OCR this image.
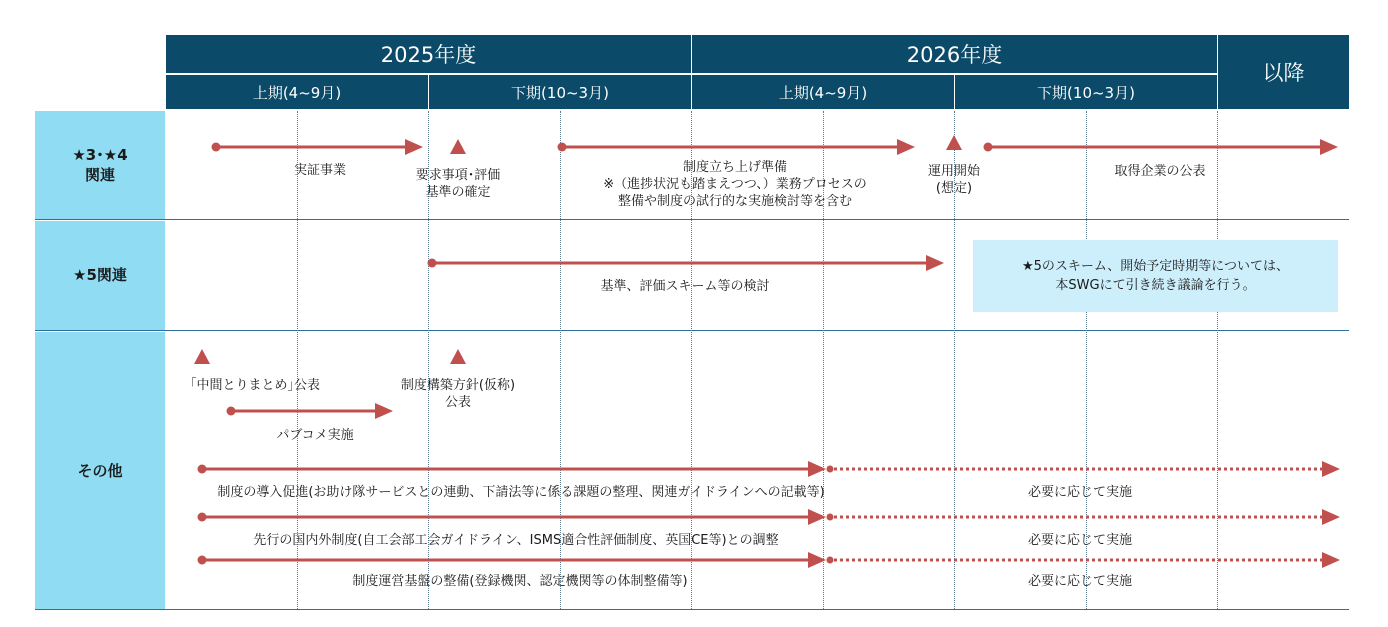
2025年度	2026年度
以降
上期(4~9月)	下期(10~3月)	上期(4~9月)	下期(10~3月)
★3･★4
関連
★5関連
その他
実証事業	要求事項･評価
基準の確定
制度立ち上げ準備
※（進捗状況も踏まえつつ、）業務プロセスの
整備や制度の試行的な実施検討等を含む
運用開始
(想定)
取得企業の公表
基準、評価スキーム等の検討
★5のスキーム、開始予定時期等については、
本SWGにて引き続き議論を行う。
｢中間とりまとめ｣公表	制度構築方針(仮称)
公表
パブコメ実施
制度の導入促進(お助け隊サービスとの連動、下請法等に係る課題の整理、関連ガイドラインへの記載等)
先行の国内外制度(自工会部工会ガイドライン、ISMS適合性評価制度、英国CE等)との調整
制度運営基盤の整備(登録機関、認定機関等の体制整備等)
必要に応じて実施
必要に応じて実施
必要に応じて実施
